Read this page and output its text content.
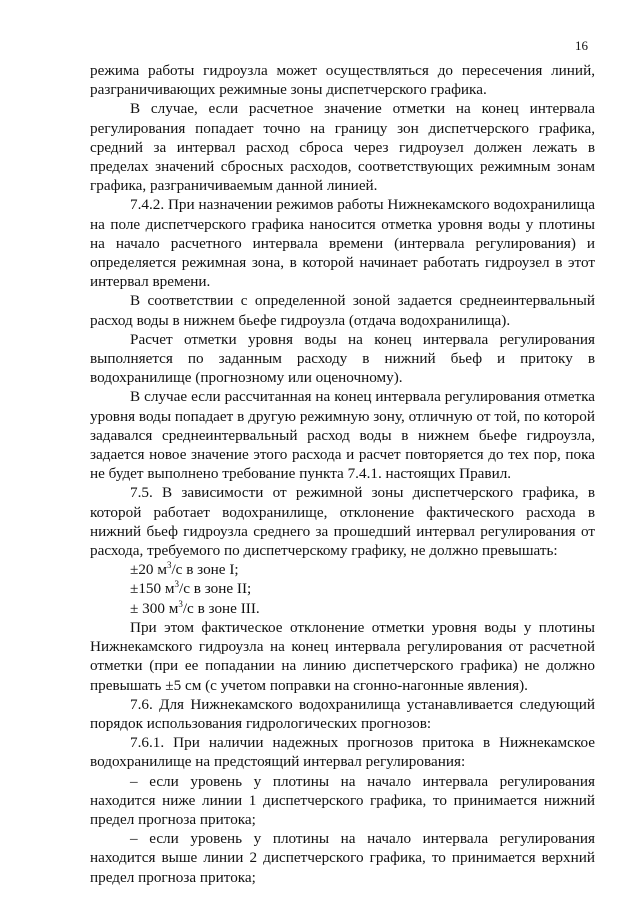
16

режима работы гидроузла может осуществляться до пересечения линий, разграничивающих режимные зоны диспетчерского графика.

В случае, если расчетное значение отметки на конец интервала регулирования попадает точно на границу зон диспетчерского графика, средний за интервал расход сброса через гидроузел должен лежать в пределах значений сбросных расходов, соответствующих режимным зонам графика, разграничиваемым данной линией.

7.4.2. При назначении режимов работы Нижнекамского водохранилища на поле диспетчерского графика наносится отметка уровня воды у плотины на начало расчетного интервала времени (интервала регулирования) и определяется режимная зона, в которой начинает работать гидроузел в этот интервал времени.

В соответствии с определенной зоной задается среднеинтервальный расход воды в нижнем бьефе гидроузла (отдача водохранилища).

Расчет отметки уровня воды на конец интервала регулирования выполняется по заданным расходу в нижний бьеф и притоку в водохранилище (прогнозному или оценочному).

В случае если рассчитанная на конец интервала регулирования отметка уровня воды попадает в другую режимную зону, отличную от той, по которой задавался среднеинтервальный расход воды в нижнем бьефе гидроузла, задается новое значение этого расхода и расчет повторяется до тех пор, пока не будет выполнено требование пункта 7.4.1. настоящих Правил.

7.5. В зависимости от режимной зоны диспетчерского графика, в которой работает водохранилище, отклонение фактического расхода в нижний бьеф гидроузла среднего за прошедший интервал регулирования от расхода, требуемого по диспетчерскому графику, не должно превышать:

±20 $м^3/с$ в зоне I;

±150 $м^3/с$ в зоне II;

± 300 $м^3/с$ в зоне III.

При этом фактическое отклонение отметки уровня воды у плотины Нижнекамского гидроузла на конец интервала регулирования от расчетной отметки (при ее попадании на линию диспетчерского графика) не должно превышать ±5 см (с учетом поправки на сгонно-нагонные явления).

7.6. Для Нижнекамского водохранилища устанавливается следующий порядок использования гидрологических прогнозов:

7.6.1. При наличии надежных прогнозов притока в Нижнекамское водохранилище на предстоящий интервал регулирования:

– если уровень у плотины на начало интервала регулирования находится ниже линии 1 диспетчерского графика, то принимается нижний предел прогноза притока;

– если уровень у плотины на начало интервала регулирования находится выше линии 2 диспетчерского графика, то принимается верхний предел прогноза притока;
